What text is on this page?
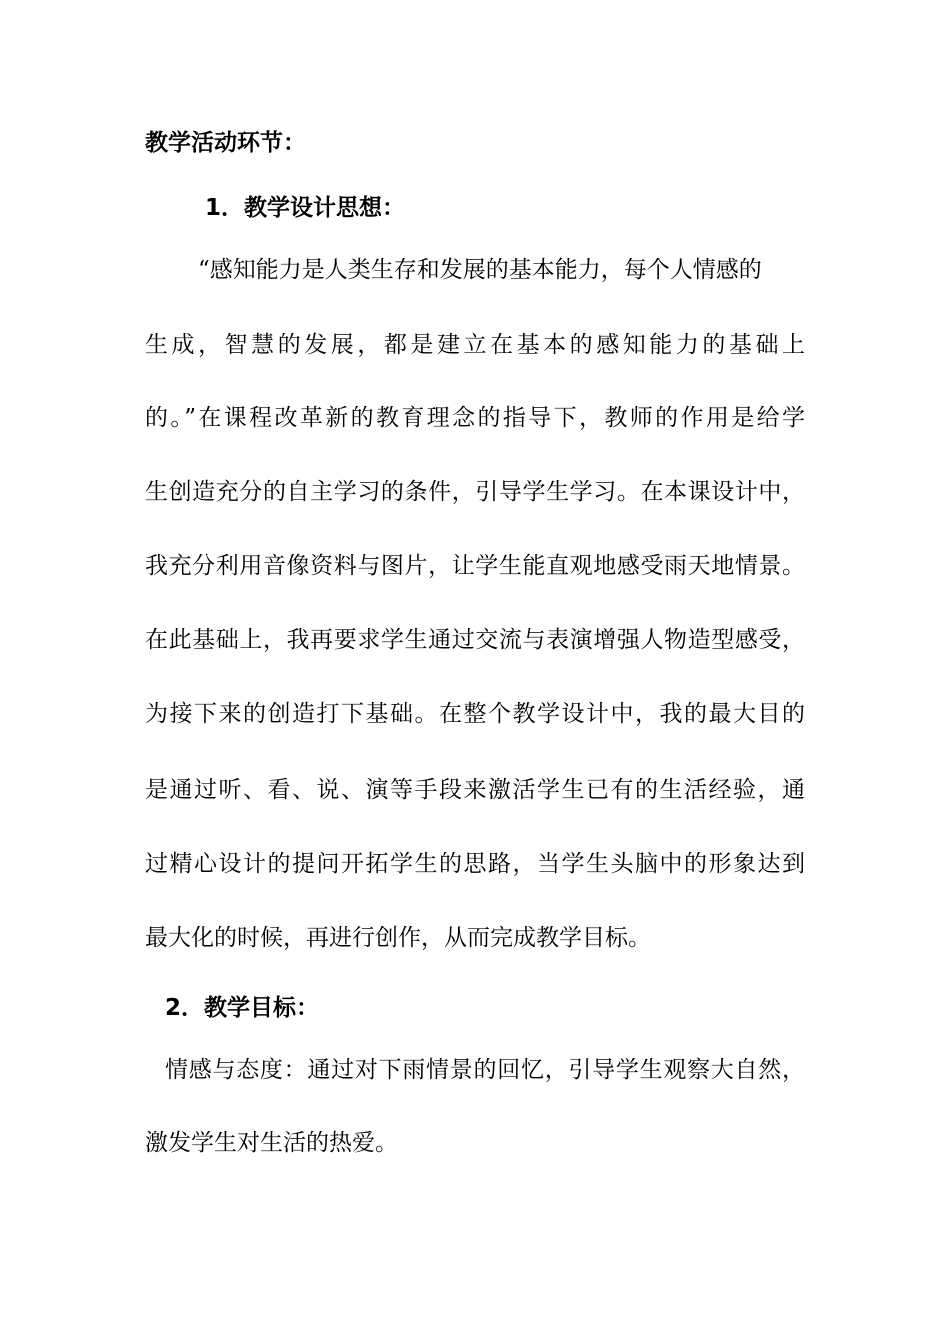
教学活动环节：
1．教学设计思想：
“感知能力是人类生存和发展的基本能力，每个人情感的
生成，智慧的发展，都是建立在基本的感知能力的基础上
的。”在课程改革新的教育理念的指导下，教师的作用是给学
生创造充分的自主学习的条件，引导学生学习。在本课设计中，
我充分利用音像资料与图片，让学生能直观地感受雨天地情景。
在此基础上，我再要求学生通过交流与表演增强人物造型感受，
为接下来的创造打下基础。在整个教学设计中，我的最大目的
是通过听、看、说、演等手段来激活学生已有的生活经验，通
过精心设计的提问开拓学生的思路，当学生头脑中的形象达到
最大化的时候，再进行创作，从而完成教学目标。
2．教学目标：
情感与态度：通过对下雨情景的回忆，引导学生观察大自然，
激发学生对生活的热爱。
